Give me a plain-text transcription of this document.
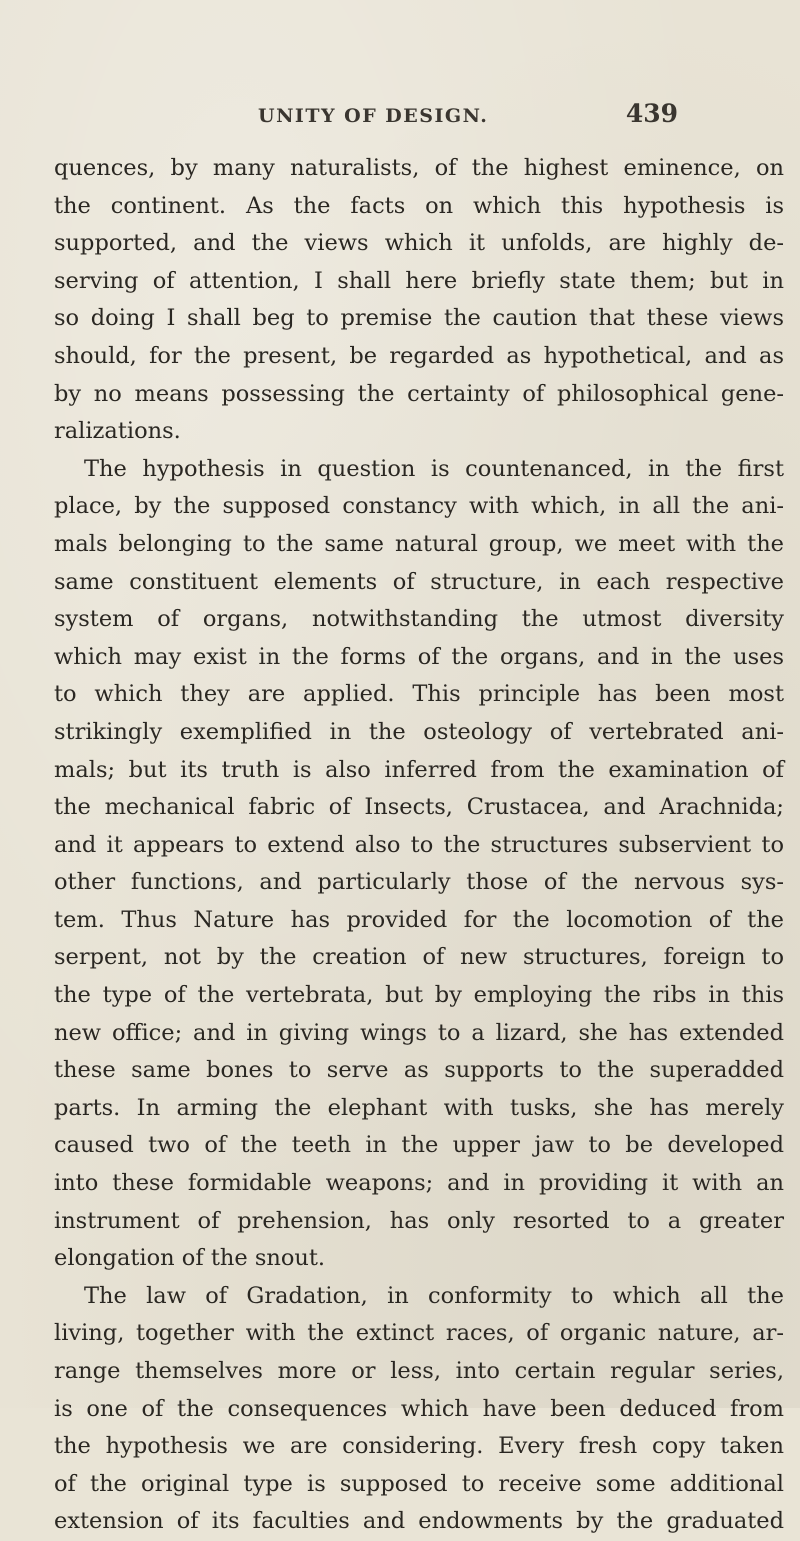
UNITY OF DESIGN.	439
quences, by many naturalists, of the highest eminence, on
the continent. As the facts on which this hypothesis is
supported, and the views which it unfolds, are highly de-
serving of attention, I shall here briefly state them; but in
so doing I shall beg to premise the caution that these views
should, for the present, be regarded as hypothetical, and as
by no means possessing the certainty of philosophical gene-
ralizations.
The hypothesis in question is countenanced, in the first
place, by the supposed constancy with which, in all the ani-
mals belonging to the same natural group, we meet with the
same constituent elements of structure, in each respective
system of organs, notwithstanding the utmost diversity
which may exist in the forms of the organs, and in the uses
to which they are applied. This principle has been most
strikingly exemplified in the osteology of vertebrated ani-
mals; but its truth is also inferred from the examination of
the mechanical fabric of Insects, Crustacea, and Arachnida;
and it appears to extend also to the structures subservient to
other functions, and particularly those of the nervous sys-
tem. Thus Nature has provided for the locomotion of the
serpent, not by the creation of new structures, foreign to
the type of the vertebrata, but by employing the ribs in this
new office; and in giving wings to a lizard, she has extended
these same bones to serve as supports to the superadded
parts. In arming the elephant with tusks, she has merely
caused two of the teeth in the upper jaw to be developed
into these formidable weapons; and in providing it with an
instrument of prehension, has only resorted to a greater
elongation of the snout.
The law of Gradation, in conformity to which all the
living, together with the extinct races, of organic nature, ar-
range themselves more or less, into certain regular series,
is one of the consequences which have been deduced from
the hypothesis we are considering. Every fresh copy taken
of the original type is supposed to receive some additional
extension of its faculties and endowments by the graduated
